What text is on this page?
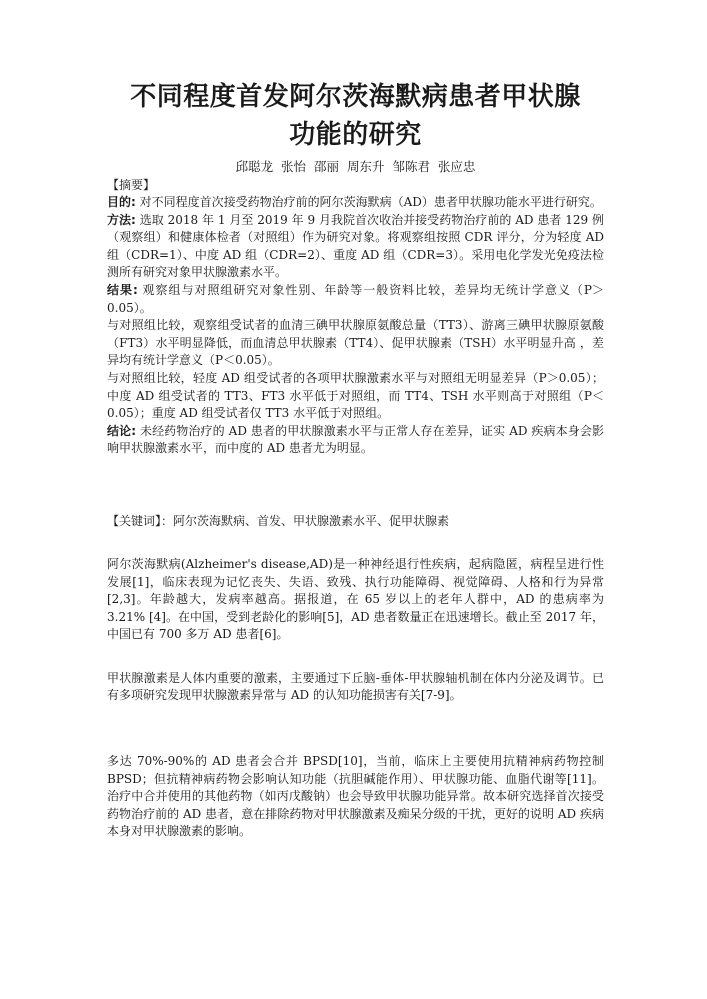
不同程度首发阿尔茨海默病患者甲状腺
功能的研究
邱聪龙 张怡 邵丽 周东升 邹陈君 张应忠
【摘要】

目的: 对不同程度首次接受药物治疗前的阿尔茨海默病（AD）患者甲状腺功能水平进行研究。

方法: 选取 2018 年 1 月至 2019 年 9 月我院首次收治并接受药物治疗前的 AD 患者 129 例（观察组）和健康体检者（对照组）作为研究对象。将观察组按照 CDR 评分，分为轻度 AD 组（CDR=1）、中度 AD 组（CDR=2）、重度 AD 组（CDR=3）。采用电化学发光免疫法检测所有研究对象甲状腺激素水平。

结果: 观察组与对照组研究对象性别、年龄等一般资料比较，差异均无统计学意义（P＞0.05）。

与对照组比较，观察组受试者的血清三碘甲状腺原氨酸总量（TT3）、游离三碘甲状腺原氨酸（FT3）水平明显降低，而血清总甲状腺素（TT4）、促甲状腺素（TSH）水平明显升高 ，差异均有统计学意义（P＜0.05）。

与对照组比较，轻度 AD 组受试者的各项甲状腺激素水平与对照组无明显差异（P＞0.05）；中度 AD 组受试者的 TT3、FT3 水平低于对照组，而 TT4、TSH 水平则高于对照组（P＜0.05）；重度 AD 组受试者仅 TT3 水平低于对照组。

结论: 未经药物治疗的 AD 患者的甲状腺激素水平与正常人存在差异，证实 AD 疾病本身会影响甲状腺激素水平，而中度的 AD 患者尤为明显。

【关键词】：阿尔茨海默病、首发、甲状腺激素水平、促甲状腺素

阿尔茨海默病(Alzheimer's disease,AD)是一种神经退行性疾病，起病隐匿，病程呈进行性发展[1]，临床表现为记忆丧失、失语、致残、执行功能障碍、视觉障碍、人格和行为异常[2,3]。年龄越大，发病率越高。据报道，在 65 岁以上的老年人群中，AD 的患病率为 3.21% [4]。在中国，受到老龄化的影响[5]，AD 患者数量正在迅速增长。截止至 2017 年，中国已有 700 多万 AD 患者[6]。

甲状腺激素是人体内重要的激素，主要通过下丘脑-垂体-甲状腺轴机制在体内分泌及调节。已有多项研究发现甲状腺激素异常与 AD 的认知功能损害有关[7-9]。

多达 70%-90%的 AD 患者会合并 BPSD[10]，当前，临床上主要使用抗精神病药物控制 BPSD；但抗精神病药物会影响认知功能（抗胆碱能作用）、甲状腺功能、血脂代谢等[11]。治疗中合并使用的其他药物（如丙戊酸钠）也会导致甲状腺功能异常。故本研究选择首次接受药物治疗前的 AD 患者，意在排除药物对甲状腺激素及痴呆分级的干扰，更好的说明 AD 疾病本身对甲状腺激素的影响。
